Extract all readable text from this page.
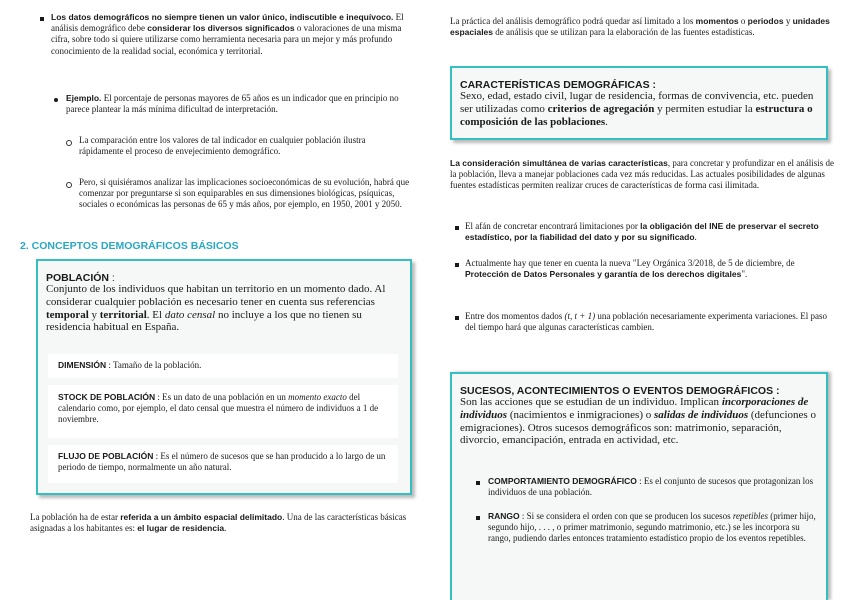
Los datos demográficos no siempre tienen un valor único, indiscutible e inequívoco. El análisis demográfico debe considerar los diversos significados o valoraciones de una misma cifra, sobre todo si quiere utilizarse como herramienta necesaria para un mejor y más profundo conocimiento de la realidad social, económica y territorial.

Ejemplo. El porcentaje de personas mayores de 65 años es un indicador que en principio no parece plantear la más mínima dificultad de interpretación.

La comparación entre los valores de tal indicador en cualquier población ilustra rápidamente el proceso de envejecimiento demográfico.

Pero, si quisiéramos analizar las implicaciones socioeconómicas de su evolución, habrá que comenzar por preguntarse si son equiparables en sus dimensiones biológicas, psíquicas, sociales o económicas las personas de 65 y más años, por ejemplo, en 1950, 2001 y 2050.

2. CONCEPTOS DEMOGRÁFICOS BÁSICOS
POBLACIÓN :

Conjunto de los individuos que habitan un territorio en un momento dado. Al considerar cualquier población es necesario tener en cuenta sus referencias temporal y territorial. El dato censal no incluye a los que no tienen su residencia habitual en España.

DIMENSIÓN : Tamaño de la población.

STOCK DE POBLACIÓN : Es un dato de una población en un momento exacto del calendario como, por ejemplo, el dato censal que muestra el número de individuos a 1 de noviembre.

FLUJO DE POBLACIÓN : Es el número de sucesos que se han producido a lo largo de un periodo de tiempo, normalmente un año natural.

La población ha de estar referida a un ámbito espacial delimitado. Una de las características básicas asignadas a los habitantes es: el lugar de residencia.

La práctica del análisis demográfico podrá quedar así limitado a los momentos o periodos y unidades espaciales de análisis que se utilizan para la elaboración de las fuentes estadísticas.

CARACTERÍSTICAS DEMOGRÁFICAS :

Sexo, edad, estado civil, lugar de residencia, formas de convivencia, etc. pueden ser utilizadas como criterios de agregación y permiten estudiar la estructura o composición de las poblaciones.

La consideración simultánea de varias características, para concretar y profundizar en el análisis de la población, lleva a manejar poblaciones cada vez más reducidas. Las actuales posibilidades de algunas fuentes estadísticas permiten realizar cruces de características de forma casi ilimitada.

El afán de concretar encontrará limitaciones por la obligación del INE de preservar el secreto estadístico, por la fiabilidad del dato y por su significado.

Actualmente hay que tener en cuenta la nueva "Ley Orgánica 3/2018, de 5 de diciembre, de Protección de Datos Personales y garantía de los derechos digitales".

Entre dos momentos dados (t, t + 1) una población necesariamente experimenta variaciones. El paso del tiempo hará que algunas características cambien.

SUCESOS, ACONTECIMIENTOS O EVENTOS DEMOGRÁFICOS :

Son las acciones que se estudian de un individuo. Implican incorporaciones de individuos (nacimientos e inmigraciones) o salidas de individuos (defunciones o emigraciones). Otros sucesos demográficos son: matrimonio, separación, divorcio, emancipación, entrada en actividad, etc.

COMPORTAMIENTO DEMOGRÁFICO : Es el conjunto de sucesos que protagonizan los individuos de una población.

RANGO : Si se considera el orden con que se producen los sucesos repetibles (primer hijo, segundo hijo, . . . , o primer matrimonio, segundo matrimonio, etc.) se les incorpora su rango, pudiendo darles entonces tratamiento estadístico propio de los eventos repetibles.
